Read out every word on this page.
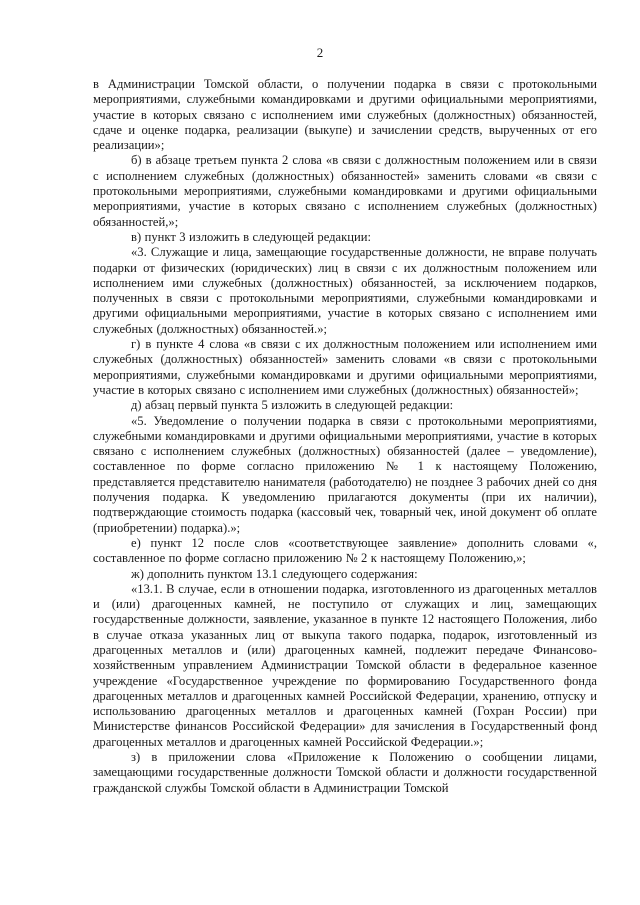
2

в Администрации Томской области, о получении подарка в связи с протокольными мероприятиями, служебными командировками и другими официальными мероприятиями, участие в которых связано с исполнением ими служебных (должностных) обязанностей, сдаче и оценке подарка, реализации (выкупе) и зачислении средств, вырученных от его реализации»;

б) в абзаце третьем пункта 2 слова «в связи с должностным положением или в связи с исполнением служебных (должностных) обязанностей» заменить словами «в связи с протокольными мероприятиями, служебными командировками и другими официальными мероприятиями, участие в которых связано с исполнением служебных (должностных) обязанностей,»;

в) пункт 3 изложить в следующей редакции:

«3. Служащие и лица, замещающие государственные должности, не вправе получать подарки от физических (юридических) лиц в связи с их должностным положением или исполнением ими служебных (должностных) обязанностей, за исключением подарков, полученных в связи с протокольными мероприятиями, служебными командировками и другими официальными мероприятиями, участие в которых связано с исполнением ими служебных (должностных) обязанностей.»;

г) в пункте 4 слова «в связи с их должностным положением или исполнением ими служебных (должностных) обязанностей» заменить словами «в связи с протокольными мероприятиями, служебными командировками и другими официальными мероприятиями, участие в которых связано с исполнением ими служебных (должностных) обязанностей»;

д) абзац первый пункта 5 изложить в следующей редакции:

«5. Уведомление о получении подарка в связи с протокольными мероприятиями, служебными командировками и другими официальными мероприятиями, участие в которых связано с исполнением служебных (должностных) обязанностей (далее – уведомление), составленное по форме согласно приложению № 1 к настоящему Положению, представляется представителю нанимателя (работодателю) не позднее 3 рабочих дней со дня получения подарка. К уведомлению прилагаются документы (при их наличии), подтверждающие стоимость подарка (кассовый чек, товарный чек, иной документ об оплате (приобретении) подарка).»;

е) пункт 12 после слов «соответствующее заявление» дополнить словами «, составленное по форме согласно приложению № 2 к настоящему Положению,»;

ж) дополнить пунктом 13.1 следующего содержания:

«13.1. В случае, если в отношении подарка, изготовленного из драгоценных металлов и (или) драгоценных камней, не поступило от служащих и лиц, замещающих государственные должности, заявление, указанное в пункте 12 настоящего Положения, либо в случае отказа указанных лиц от выкупа такого подарка, подарок, изготовленный из драгоценных металлов и (или) драгоценных камней, подлежит передаче Финансово-хозяйственным управлением Администрации Томской области в федеральное казенное учреждение «Государственное учреждение по формированию Государственного фонда драгоценных металлов и драгоценных камней Российской Федерации, хранению, отпуску и использованию драгоценных металлов и драгоценных камней (Гохран России) при Министерстве финансов Российской Федерации» для зачисления в Государственный фонд драгоценных металлов и драгоценных камней Российской Федерации.»;

з) в приложении слова «Приложение к Положению о сообщении лицами, замещающими государственные должности Томской области и должности государственной гражданской службы Томской области в Администрации Томской
